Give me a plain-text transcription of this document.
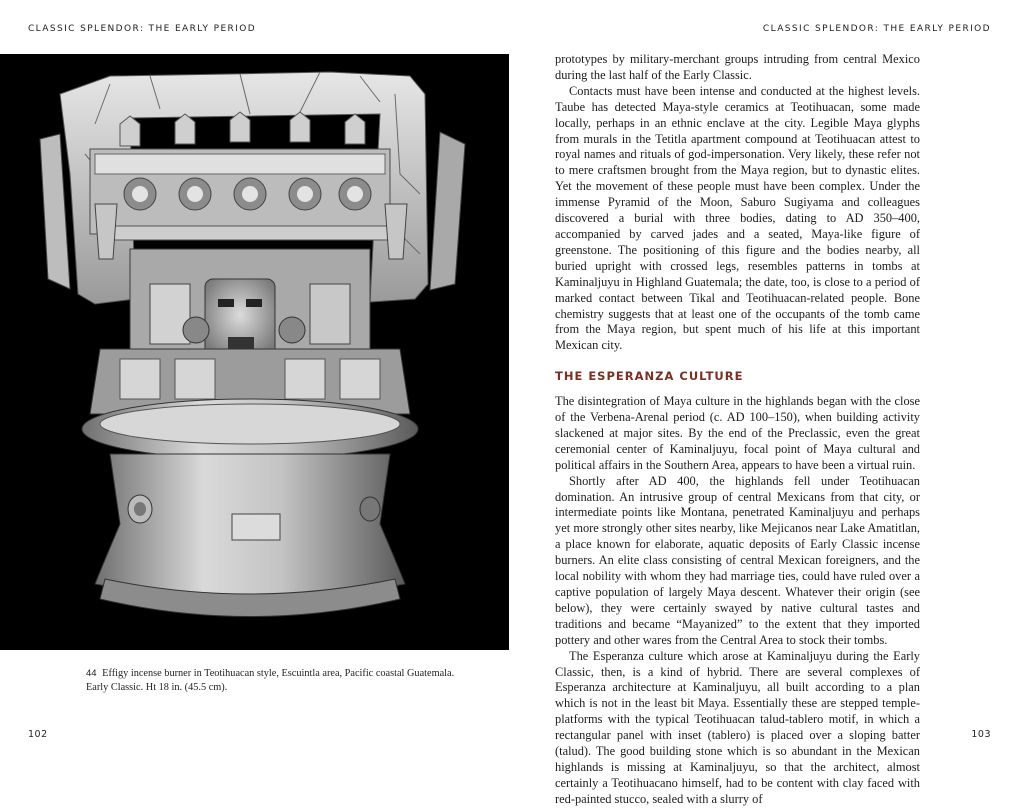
CLASSIC SPLENDOR: THE EARLY PERIOD	CLASSIC SPLENDOR: THE EARLY PERIOD
44 Effigy incense burner in Teotihuacan style, Escuintla area, Pacific coastal Guatemala. Early Classic. Ht 18 in. (45.5 cm).
102	103

prototypes by military-merchant groups intruding from central Mexico during the last half of the Early Classic.

Contacts must have been intense and conducted at the highest levels. Taube has detected Maya-style ceramics at Teotihuacan, some made locally, perhaps in an ethnic enclave at the city. Legible Maya glyphs from murals in the Tetitla apartment compound at Teotihuacan attest to royal names and rituals of god-impersonation. Very likely, these refer not to mere craftsmen brought from the Maya region, but to dynastic elites. Yet the movement of these people must have been complex. Under the immense Pyramid of the Moon, Saburo Sugiyama and colleagues discovered a burial with three bodies, dating to AD 350–400, accompanied by carved jades and a seated, Maya-like figure of greenstone. The positioning of this figure and the bodies nearby, all buried upright with crossed legs, resembles patterns in tombs at Kaminaljuyu in Highland Guatemala; the date, too, is close to a period of marked contact between Tikal and Teotihuacan-related people. Bone chemistry suggests that at least one of the occupants of the tomb came from the Maya region, but spent much of his life at this important Mexican city.

THE ESPERANZA CULTURE

The disintegration of Maya culture in the highlands began with the close of the Verbena-Arenal period (c. AD 100–150), when building activity slackened at major sites. By the end of the Preclassic, even the great ceremonial center of Kaminaljuyu, focal point of Maya cultural and political affairs in the Southern Area, appears to have been a virtual ruin.

Shortly after AD 400, the highlands fell under Teotihuacan domination. An intrusive group of central Mexicans from that city, or intermediate points like Montana, penetrated Kaminaljuyu and perhaps yet more strongly other sites nearby, like Mejicanos near Lake Amatitlan, a place known for elaborate, aquatic deposits of Early Classic incense burners. An elite class consisting of central Mexican foreigners, and the local nobility with whom they had marriage ties, could have ruled over a captive population of largely Maya descent. Whatever their origin (see below), they were certainly swayed by native cultural tastes and traditions and became “Mayanized” to the extent that they imported pottery and other wares from the Central Area to stock their tombs.

The Esperanza culture which arose at Kaminaljuyu during the Early Classic, then, is a kind of hybrid. There are several complexes of Esperanza architecture at Kaminaljuyu, all built according to a plan which is not in the least bit Maya. Essentially these are stepped temple-platforms with the typical Teotihuacan talud-tablero motif, in which a rectangular panel with inset (tablero) is placed over a sloping batter (talud). The good building stone which is so abundant in the Mexican highlands is missing at Kaminaljuyu, so that the architect, almost certainly a Teotihuacano himself, had to be content with clay faced with red-painted stucco, sealed with a slurry of
